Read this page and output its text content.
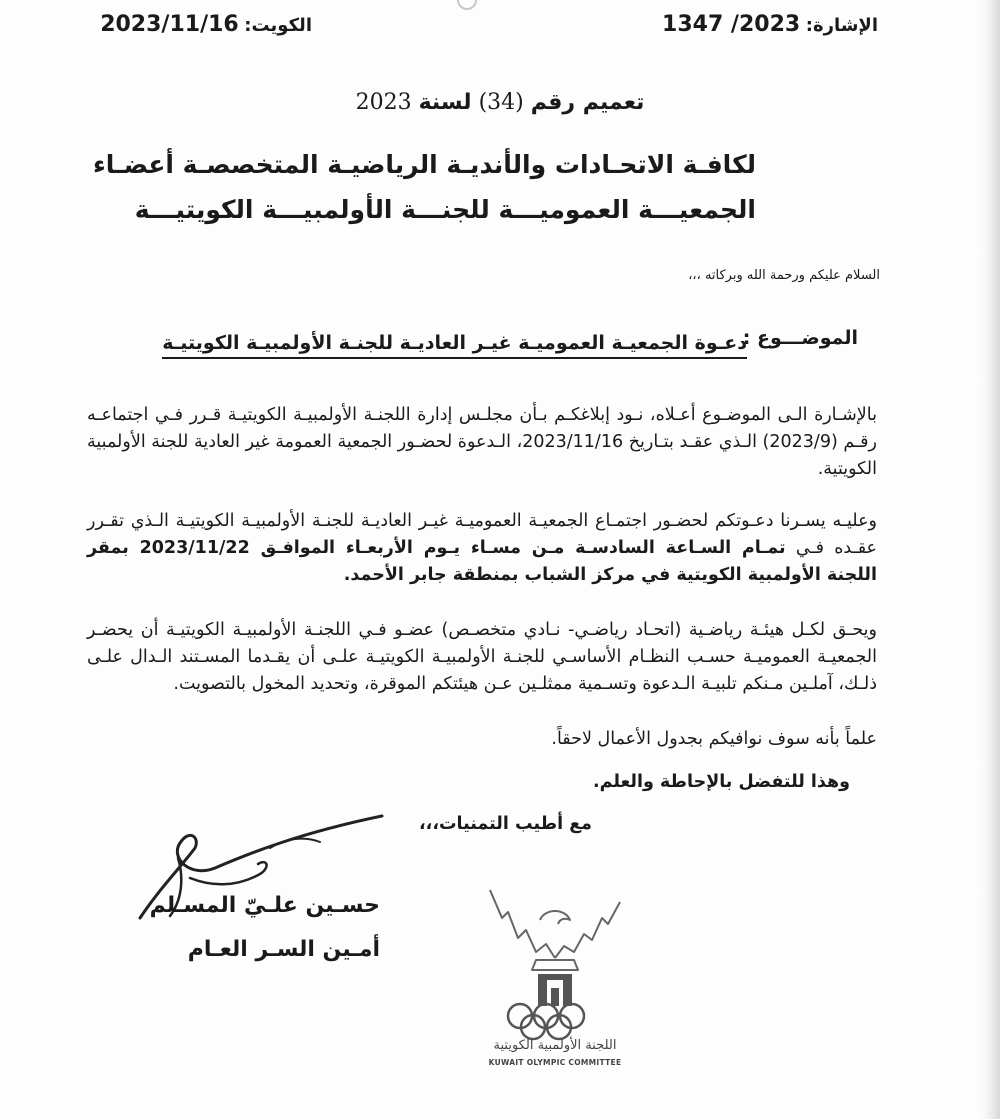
الإشارة: 2023/ 1347
الكويت: 2023/11/16
تعميم رقم (34) لسنة 2023
لكافـة الاتحـادات والأنديـة الرياضيـة المتخصصـة أعضـاء
الجمعيـــة العموميـــة للجنـــة الأولمبيـــة الكويتيـــة
السلام عليكم ورحمة الله وبركاته ،،،
الموضـــوع :
دعـوة الجمعيـة العموميـة غيـر العاديـة للجنـة الأولمبيـة الكويتيـة
بالإشـارة الـى الموضـوع أعـلاه، نـود إبلاغكـم بـأن مجلـس إدارة اللجنـة الأولمبيـة الكويتيـة قـرر فـي اجتماعـه رقـم (2023/9) الـذي عقـد بتـاريخ 2023/11/16، الـدعوة لحضـور الجمعية العمومة غير العادية للجنة الأولمبية الكويتية.
وعليـه يسـرنا دعـوتكم لحضـور اجتمـاع الجمعيـة العموميـة غيـر العاديـة للجنـة الأولمبيـة الكويتيـة الـذي تقـرر عقـده فـي تمـام السـاعة السادسـة مـن مسـاء يـوم الأربعـاء الموافـق 2023/11/22 بمقر اللجنة الأولمبية الكويتية في مركز الشباب بمنطقة جابر الأحمد.
ويحـق لكـل هيئـة رياضـية (اتحـاد رياضـي- نـادي متخصـص) عضـو فـي اللجنـة الأولمبيـة الكويتيـة أن يحضـر الجمعيـة العموميـة حسـب النظـام الأساسـي للجنـة الأولمبيـة الكويتيـة علـى أن يقـدما المسـتند الـدال علـى ذلـك، آملـين مـنكم تلبيـة الـدعوة وتسـمية ممثلـين عـن هيئتكم الموقرة، وتحديد المخول بالتصويت.
علماً بأنه سوف نوافيكم بجدول الأعمال لاحقاً.
وهذا للتفضل بالإحاطة والعلم.
مع أطيب التمنيات،،،
حسـين علـيّ المسـلم
أمـين السـر العـام
اللجنة الأولمبية الكويتية
KUWAIT OLYMPIC COMMITTEE
